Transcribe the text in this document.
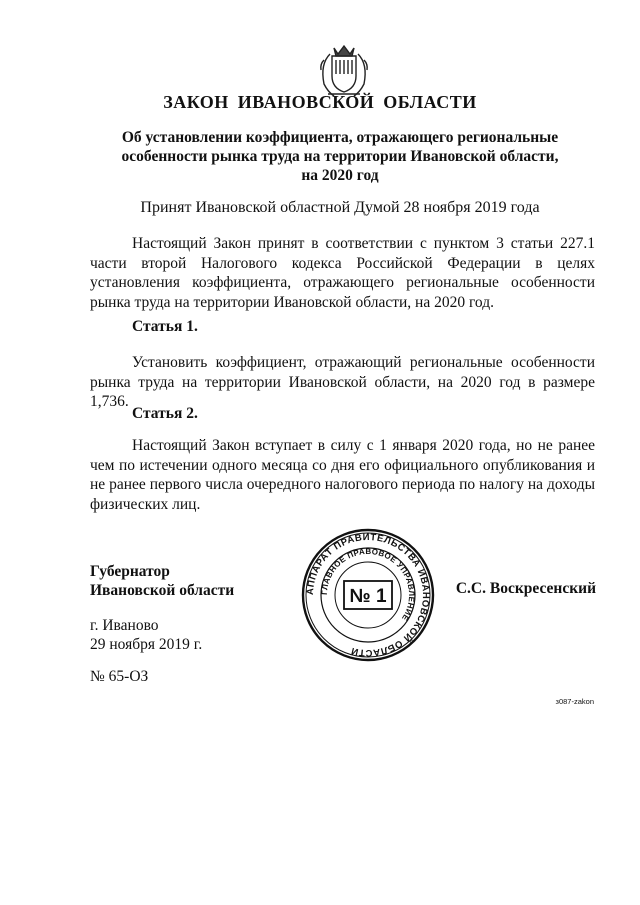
ЗАКОН ИВАНОВСКОЙ ОБЛАСТИ
Об установлении коэффициента, отражающего региональные
особенности рынка труда на территории Ивановской области,
на 2020 год
Принят Ивановской областной Думой 28 ноября 2019 года
Настоящий Закон принят в соответствии с пунктом 3 статьи 227.1 части второй Налогового кодекса Российской Федерации в целях установления коэффициента, отражающего региональные особенности рынка труда на территории Ивановской области, на 2020 год.
Статья 1.
Установить коэффициент, отражающий региональные особенности рынка труда на территории Ивановской области, на 2020 год в размере 1,736.
Статья 2.
Настоящий Закон вступает в силу с 1 января 2020 года, но не ранее чем по истечении одного месяца со дня его официального опубликования и не ранее первого числа очередного налогового периода по налогу на доходы физических лиц.
Губернатор
Ивановской области	АППАРАТ ПРАВИТЕЛЬСТВА ИВАНОВСКОЙ ОБЛАСТИ
ГЛАВНОЕ ПРАВОВОЕ УПРАВЛЕНИЕ
№ 1	С.С. Воскресенский
г. Иваново
29 ноября 2019 г.
№ 65-ОЗ
з087-zakon
